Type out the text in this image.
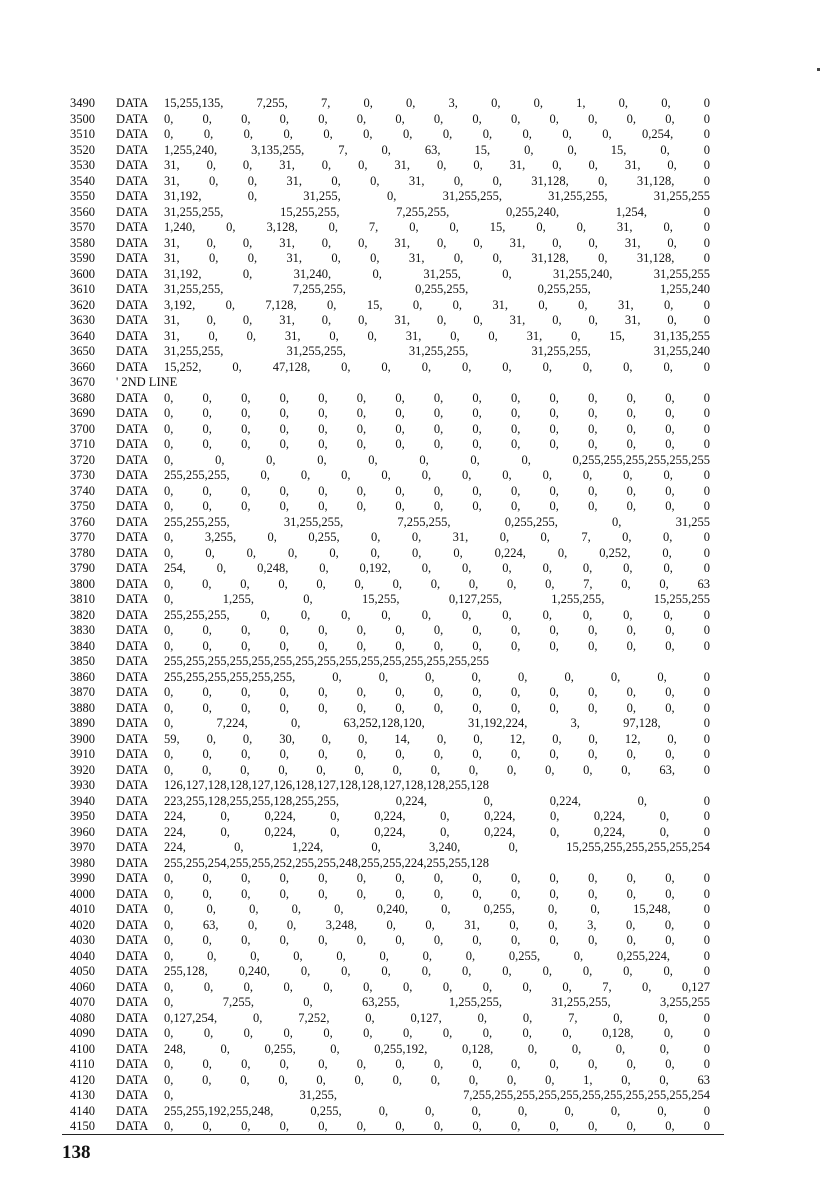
3490	DATA	15,255,135, 7,255, 7, 0, 0, 3, 0, 0, 1, 0, 0, 0
3500	DATA	0, 0, 0, 0, 0, 0, 0, 0, 0, 0, 0, 0, 0, 0, 0
3510	DATA	0, 0, 0, 0, 0, 0, 0, 0, 0, 0, 0, 0, 0,254, 0
3520	DATA	1,255,240, 3,135,255, 7, 0, 63, 15, 0, 0, 15, 0, 0
3530	DATA	31, 0, 0, 31, 0, 0, 31, 0, 0, 31, 0, 0, 31, 0, 0
3540	DATA	31, 0, 0, 31, 0, 0, 31, 0, 0, 31,128, 0, 31,128, 0
3550	DATA	31,192, 0, 31,255, 0, 31,255,255, 31,255,255, 31,255,255
3560	DATA	31,255,255, 15,255,255, 7,255,255, 0,255,240, 1,254, 0
3570	DATA	1,240, 0, 3,128, 0, 7, 0, 0, 15, 0, 0, 31, 0, 0
3580	DATA	31, 0, 0, 31, 0, 0, 31, 0, 0, 31, 0, 0, 31, 0, 0
3590	DATA	31, 0, 0, 31, 0, 0, 31, 0, 0, 31,128, 0, 31,128, 0
3600	DATA	31,192, 0, 31,240, 0, 31,255, 0, 31,255,240, 31,255,255
3610	DATA	31,255,255, 7,255,255, 0,255,255, 0,255,255, 1,255,240
3620	DATA	3,192, 0, 7,128, 0, 15, 0, 0, 31, 0, 0, 31, 0, 0
3630	DATA	31, 0, 0, 31, 0, 0, 31, 0, 0, 31, 0, 0, 31, 0, 0
3640	DATA	31, 0, 0, 31, 0, 0, 31, 0, 0, 31, 0, 15, 31,135,255
3650	DATA	31,255,255, 31,255,255, 31,255,255, 31,255,255, 31,255,240
3660	DATA	15,252, 0, 47,128, 0, 0, 0, 0, 0, 0, 0, 0, 0, 0
3670	' 2ND LINE
3680	DATA	0, 0, 0, 0, 0, 0, 0, 0, 0, 0, 0, 0, 0, 0, 0
3690	DATA	0, 0, 0, 0, 0, 0, 0, 0, 0, 0, 0, 0, 0, 0, 0
3700	DATA	0, 0, 0, 0, 0, 0, 0, 0, 0, 0, 0, 0, 0, 0, 0
3710	DATA	0, 0, 0, 0, 0, 0, 0, 0, 0, 0, 0, 0, 0, 0, 0
3720	DATA	0, 0, 0, 0, 0, 0, 0, 0, 0,255,255,255,255,255,255
3730	DATA	255,255,255, 0, 0, 0, 0, 0, 0, 0, 0, 0, 0, 0, 0
3740	DATA	0, 0, 0, 0, 0, 0, 0, 0, 0, 0, 0, 0, 0, 0, 0
3750	DATA	0, 0, 0, 0, 0, 0, 0, 0, 0, 0, 0, 0, 0, 0, 0
3760	DATA	255,255,255, 31,255,255, 7,255,255, 0,255,255, 0, 31,255
3770	DATA	0, 3,255, 0, 0,255, 0, 0, 31, 0, 0, 7, 0, 0, 0
3780	DATA	0, 0, 0, 0, 0, 0, 0, 0, 0,224, 0, 0,252, 0, 0
3790	DATA	254, 0, 0,248, 0, 0,192, 0, 0, 0, 0, 0, 0, 0, 0
3800	DATA	0, 0, 0, 0, 0, 0, 0, 0, 0, 0, 0, 7, 0, 0, 63
3810	DATA	0, 1,255, 0, 15,255, 0,127,255, 1,255,255, 15,255,255
3820	DATA	255,255,255, 0, 0, 0, 0, 0, 0, 0, 0, 0, 0, 0, 0
3830	DATA	0, 0, 0, 0, 0, 0, 0, 0, 0, 0, 0, 0, 0, 0, 0
3840	DATA	0, 0, 0, 0, 0, 0, 0, 0, 0, 0, 0, 0, 0, 0, 0
3850	DATA	255,255,255,255,255,255,255,255,255,255,255,255,255,255,255
3860	DATA	255,255,255,255,255,255, 0, 0, 0, 0, 0, 0, 0, 0, 0
3870	DATA	0, 0, 0, 0, 0, 0, 0, 0, 0, 0, 0, 0, 0, 0, 0
3880	DATA	0, 0, 0, 0, 0, 0, 0, 0, 0, 0, 0, 0, 0, 0, 0
3890	DATA	0, 7,224, 0, 63,252,128,120, 31,192,224, 3, 97,128, 0
3900	DATA	59, 0, 0, 30, 0, 0, 14, 0, 0, 12, 0, 0, 12, 0, 0
3910	DATA	0, 0, 0, 0, 0, 0, 0, 0, 0, 0, 0, 0, 0, 0, 0
3920	DATA	0, 0, 0, 0, 0, 0, 0, 0, 0, 0, 0, 0, 0, 63, 0
3930	DATA	126,127,128,128,127,126,128,127,128,128,127,128,128,255,128
3940	DATA	223,255,128,255,255,128,255,255, 0,224, 0, 0,224, 0, 0
3950	DATA	224, 0, 0,224, 0, 0,224, 0, 0,224, 0, 0,224, 0, 0
3960	DATA	224, 0, 0,224, 0, 0,224, 0, 0,224, 0, 0,224, 0, 0
3970	DATA	224, 0, 1,224, 0, 3,240, 0, 15,255,255,255,255,255,254
3980	DATA	255,255,254,255,255,252,255,255,248,255,255,224,255,255,128
3990	DATA	0, 0, 0, 0, 0, 0, 0, 0, 0, 0, 0, 0, 0, 0, 0
4000	DATA	0, 0, 0, 0, 0, 0, 0, 0, 0, 0, 0, 0, 0, 0, 0
4010	DATA	0, 0, 0, 0, 0, 0,240, 0, 0,255, 0, 0, 15,248, 0
4020	DATA	0, 63, 0, 0, 3,248, 0, 0, 31, 0, 0, 3, 0, 0, 0
4030	DATA	0, 0, 0, 0, 0, 0, 0, 0, 0, 0, 0, 0, 0, 0, 0
4040	DATA	0, 0, 0, 0, 0, 0, 0, 0, 0,255, 0, 0,255,224, 0
4050	DATA	255,128, 0,240, 0, 0, 0, 0, 0, 0, 0, 0, 0, 0, 0
4060	DATA	0, 0, 0, 0, 0, 0, 0, 0, 0, 0, 0, 7, 0, 0,127
4070	DATA	0, 7,255, 0, 63,255, 1,255,255, 31,255,255, 3,255,255
4080	DATA	0,127,254, 0, 7,252, 0, 0,127, 0, 0, 7, 0, 0, 0
4090	DATA	0, 0, 0, 0, 0, 0, 0, 0, 0, 0, 0, 0,128, 0, 0
4100	DATA	248, 0, 0,255, 0, 0,255,192, 0,128, 0, 0, 0, 0, 0
4110	DATA	0, 0, 0, 0, 0, 0, 0, 0, 0, 0, 0, 0, 0, 0, 0
4120	DATA	0, 0, 0, 0, 0, 0, 0, 0, 0, 0, 0, 1, 0, 0, 63
4130	DATA	0, 31,255, 7,255,255,255,255,255,255,255,255,255,255,254
4140	DATA	255,255,192,255,248, 0,255, 0, 0, 0, 0, 0, 0, 0, 0
4150	DATA	0, 0, 0, 0, 0, 0, 0, 0, 0, 0, 0, 0, 0, 0, 0
138
